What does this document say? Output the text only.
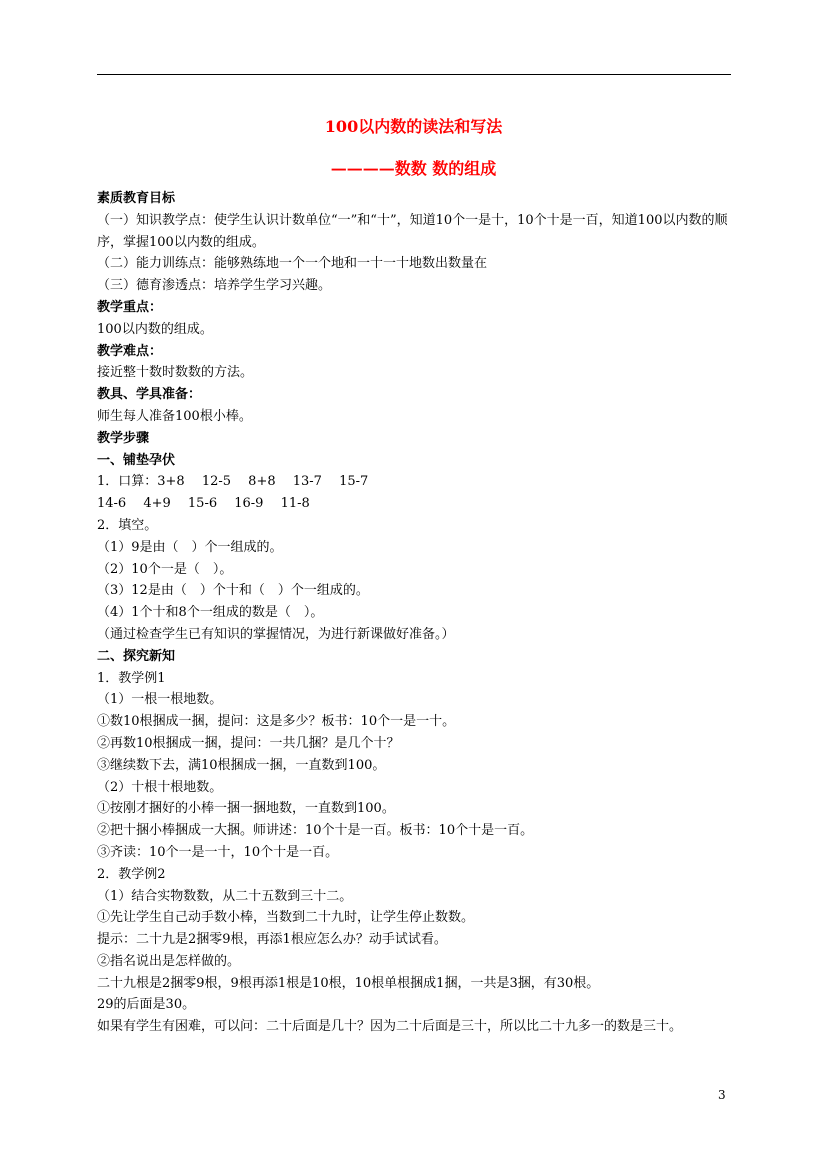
100以内数的读法和写法
————数数 数的组成
素质教育目标
（一）知识教学点：使学生认识计数单位“一”和“十”，知道10个一是十，10个十是一百，知道100以内数的顺序，掌握100以内数的组成。
（二）能力训练点：能够熟练地一个一个地和一十一十地数出数量在
（三）德育渗透点：培养学生学习兴趣。
教学重点：
100以内数的组成。
教学难点：
接近整十数时数数的方法。
教具、学具准备：
师生每人准备100根小棒。
教学步骤
一、铺垫孕伏
1．口算：3+8　 12-5　 8+8　 13-7　 15-7
14-6　 4+9　 15-6　 16-9　 11-8
2．填空。
（1）9是由（　）个一组成的。
（2）10个一是（　）。
（3）12是由（　）个十和（　）个一组成的。
（4）1个十和8个一组成的数是（　）。
（通过检查学生已有知识的掌握情况，为进行新课做好准备。）
二、探究新知
1．教学例1
（1）一根一根地数。
①数10根捆成一捆，提问：这是多少？板书：10个一是一十。
②再数10根捆成一捆，提问：一共几捆？是几个十？
③继续数下去，满10根捆成一捆，一直数到100。
（2）十根十根地数。
①按刚才捆好的小棒一捆一捆地数，一直数到100。
②把十捆小棒捆成一大捆。师讲述：10个十是一百。板书：10个十是一百。
③齐读：10个一是一十，10个十是一百。
2．教学例2
（1）结合实物数数，从二十五数到三十二。
①先让学生自己动手数小棒，当数到二十九时，让学生停止数数。
提示：二十九是2捆零9根，再添1根应怎么办？动手试试看。
②指名说出是怎样做的。
二十九根是2捆零9根，9根再添1根是10根，10根单根捆成1捆，一共是3捆，有30根。
29的后面是30。
如果有学生有困难，可以问：二十后面是几十？因为二十后面是三十，所以比二十九多一的数是三十。
3
